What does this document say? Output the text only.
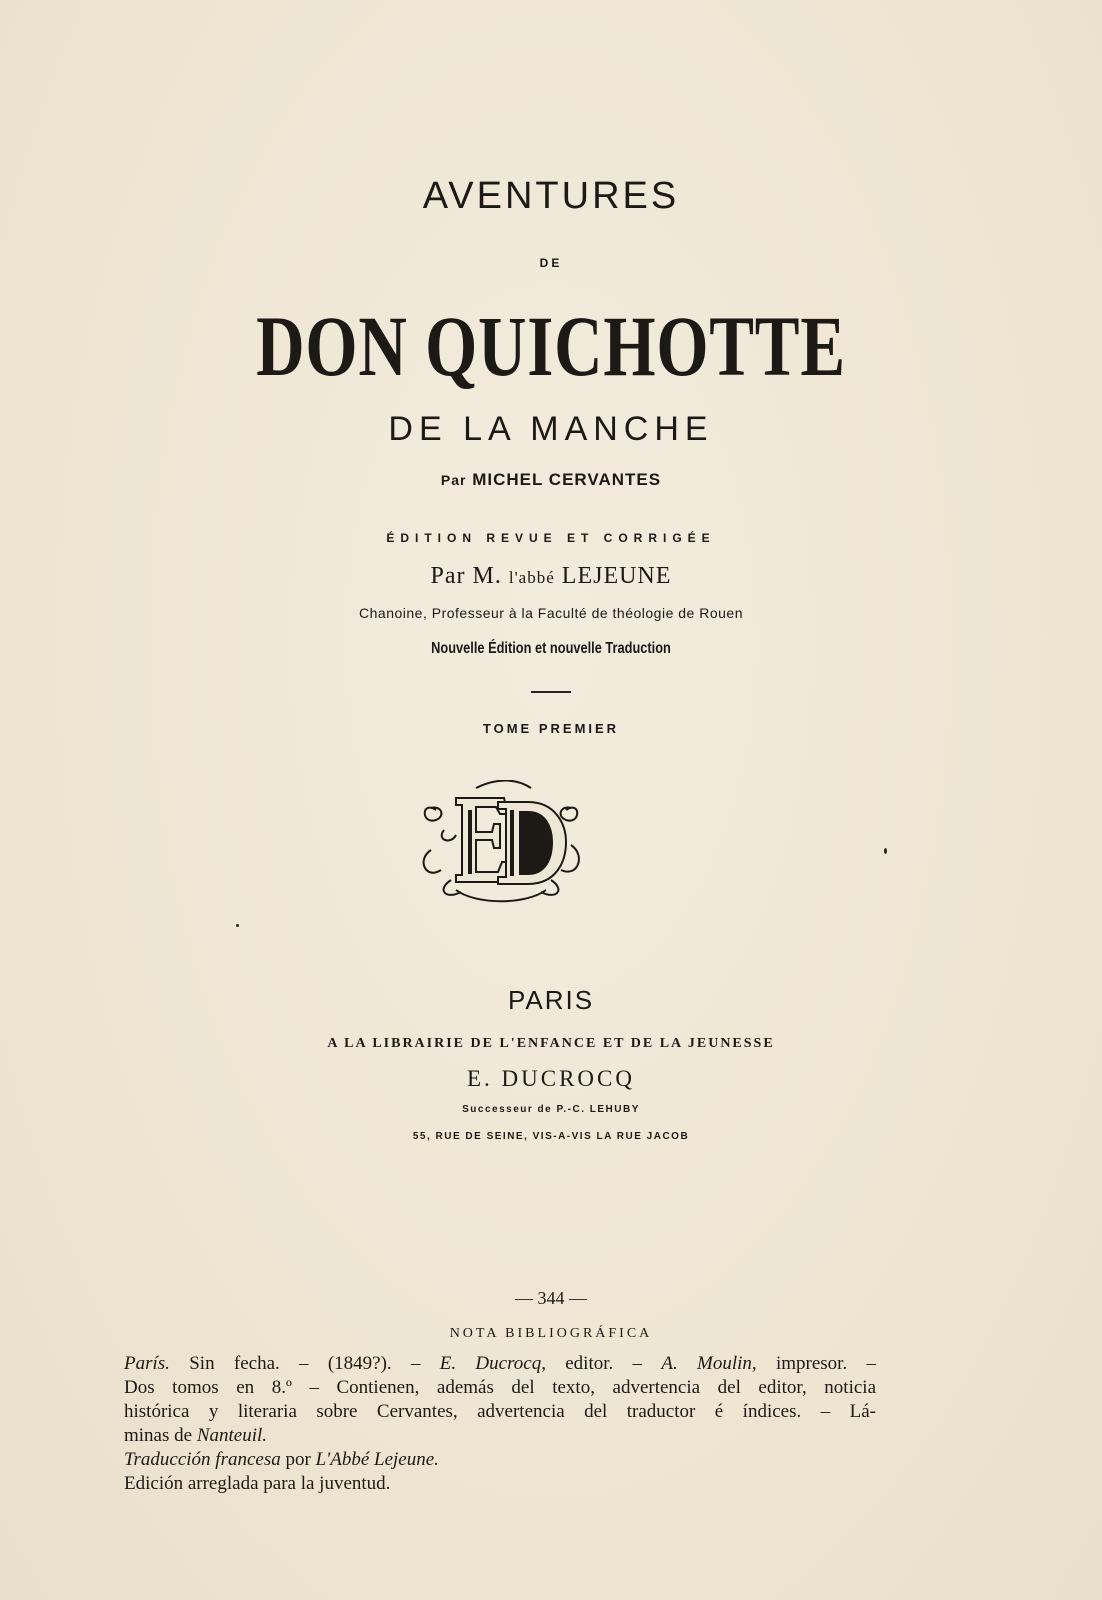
AVENTURES
DE
DON QUICHOTTE
DE LA MANCHE
Par MICHEL CERVANTES
ÉDITION REVUE ET CORRIGÉE
Par M. l'abbé LEJEUNE
Chanoine, Professeur à la Faculté de théologie de Rouen
Nouvelle Édition et nouvelle Traduction
TOME PREMIER
PARIS
A LA LIBRAIRIE DE L'ENFANCE ET DE LA JEUNESSE
E. DUCROCQ
Successeur de P.-C. LEHUBY
55, RUE DE SEINE, VIS-A-VIS LA RUE JACOB
— 344 —
NOTA BIBLIOGRÁFICA
París. Sin fecha. – (1849?). – E. Ducrocq, editor. – A. Moulin, impresor. –
Dos tomos en 8.º – Contienen, además del texto, advertencia del editor, noticia
histórica y literaria sobre Cervantes, advertencia del traductor é índices. – Lá-
minas de Nanteuil.
Traducción francesa por L'Abbé Lejeune.
Edición arreglada para la juventud.
